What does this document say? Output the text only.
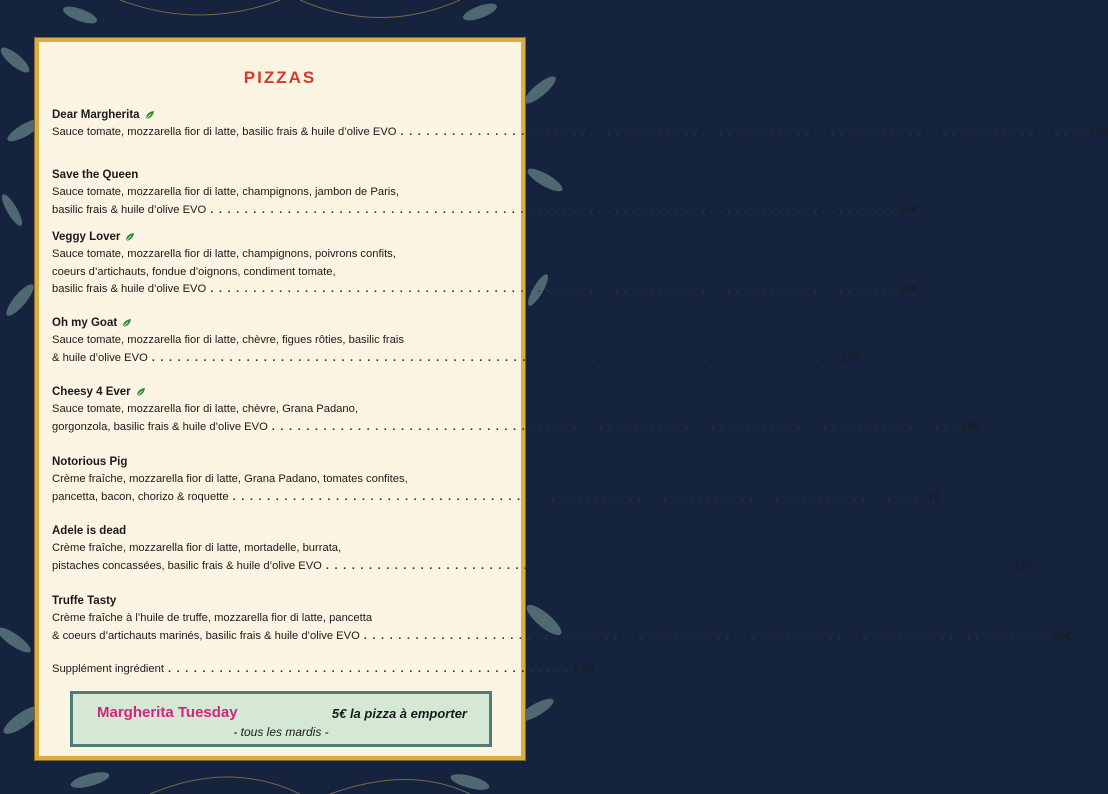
PIZZAS
Dear Margherita
Sauce tomate, mozzarella fior di latte, basilic frais & huile d’olive EVO . . . . . . . . . . . . . . . . . . . . . . . . . . . . . . . . . . . . . . . . . . . . . . . . . . . . . . . . . . . . . . . . . . . . . . . . . . . . . . . . 10€
Save the Queen
Sauce tomate, mozzarella fior di latte, champignons, jambon de Paris,
basilic frais & huile d’olive EVO . . . . . . . . . . . . . . . . . . . . . . . . . . . . . . . . . . . . . . . . . . . . . . . . . . . . . . . . . . . . . . . . . . . . . . . . . . . . . . . . 14€
Veggy Lover
Sauce tomate, mozzarella fior di latte, champignons, poivrons confits,
coeurs d’artichauts, fondue d’oignons, condiment tomate,
basilic frais & huile d’olive EVO . . . . . . . . . . . . . . . . . . . . . . . . . . . . . . . . . . . . . . . . . . . . . . . . . . . . . . . . . . . . . . . . . . . . . . . . . . . . . . . . 14€
Oh my Goat
Sauce tomate, mozzarella fior di latte, chèvre, figues rôties, basilic frais
& huile d’olive EVO . . . . . . . . . . . . . . . . . . . . . . . . . . . . . . . . . . . . . . . . . . . . . . . . . . . . . . . . . . . . . . . . . . . . . . . . . . . . . . . . 15€
Cheesy 4 Ever
Sauce tomate, mozzarella fior di latte, chèvre, Grana Padano,
gorgonzola, basilic frais & huile d’olive EVO . . . . . . . . . . . . . . . . . . . . . . . . . . . . . . . . . . . . . . . . . . . . . . . . . . . . . . . . . . . . . . . . . . . . . . . . . . . . . . . . 16€
Notorious Pig
Crème fraîche, mozzarella fior di latte, Grana Padano, tomates confites,
pancetta, bacon, chorizo & roquette . . . . . . . . . . . . . . . . . . . . . . . . . . . . . . . . . . . . . . . . . . . . . . . . . . . . . . . . . . . . . . . . . . . . . . . . . . . . . . . . 17€
Adele is dead
Crème fraîche, mozzarella fior di latte, mortadelle, burrata,
pistaches concassées, basilic frais & huile d’olive EVO . . . . . . . . . . . . . . . . . . . . . . . . . . . . . . . . . . . . . . . . . . . . . . . . . . . . . . . . . . . . . . . . . . . . . . . . . . . . . . . . 18€
Truffe Tasty
Crème fraîche à l’huile de truffe, mozzarella fior di latte, pancetta
& coeurs d’artichauts marinés, basilic frais & huile d’olive EVO . . . . . . . . . . . . . . . . . . . . . . . . . . . . . . . . . . . . . . . . . . . . . . . . . . . . . . . . . . . . . . . . . . . . . . . . . . . . . . . . 18€
Supplément ingrédient . . . . . . . . . . . . . . . . . . . . . . . . . . . . . . . . . . . . . . . . . . . . . . . 1,5€
Margherita Tuesday	5€ la pizza à emporter
- tous les mardis -
